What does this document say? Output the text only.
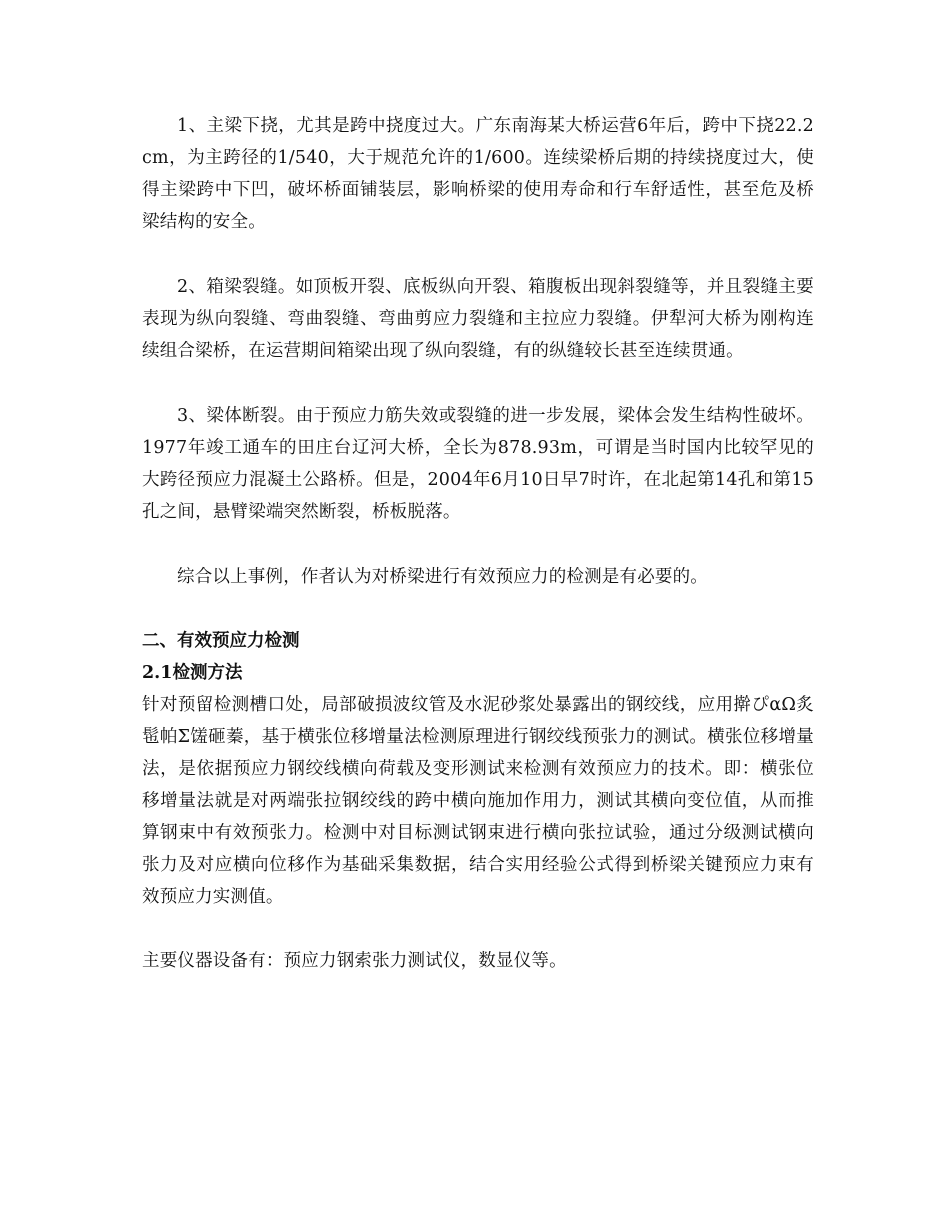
1、主梁下挠，尤其是跨中挠度过大。广东南海某大桥运营6年后，跨中下挠22.2cm，为主跨径的1/540，大于规范允许的1/600。连续梁桥后期的持续挠度过大，使得主梁跨中下凹，破坏桥面铺装层，影响桥梁的使用寿命和行车舒适性，甚至危及桥梁结构的安全。

2、箱梁裂缝。如顶板开裂、底板纵向开裂、箱腹板出现斜裂缝等，并且裂缝主要表现为纵向裂缝、弯曲裂缝、弯曲剪应力裂缝和主拉应力裂缝。伊犁河大桥为刚构连续组合梁桥，在运营期间箱梁出现了纵向裂缝，有的纵缝较长甚至连续贯通。

3、梁体断裂。由于预应力筋失效或裂缝的进一步发展，梁体会发生结构性破坏。1977年竣工通车的田庄台辽河大桥，全长为878.93m，可谓是当时国内比较罕见的大跨径预应力混凝土公路桥。但是，2004年6月10日早7时许，在北起第14孔和第15孔之间，悬臂梁端突然断裂，桥板脱落。

综合以上事例，作者认为对桥梁进行有效预应力的检测是有必要的。

二、有效预应力检测
2.1检测方法

针对预留检测槽口处，局部破损波纹管及水泥砂浆处暴露出的钢绞线，应用擀ぴαΩ炙髢帕Σ馐砸蓁，基于横张位移增量法检测原理进行钢绞线预张力的测试。横张位移增量法，是依据预应力钢绞线横向荷载及变形测试来检测有效预应力的技术。即：横张位移增量法就是对两端张拉钢绞线的跨中横向施加作用力，测试其横向变位值，从而推算钢束中有效预张力。检测中对目标测试钢束进行横向张拉试验，通过分级测试横向张力及对应横向位移作为基础采集数据，结合实用经验公式得到桥梁关键预应力束有效预应力实测值。

主要仪器设备有：预应力钢索张力测试仪，数显仪等。
